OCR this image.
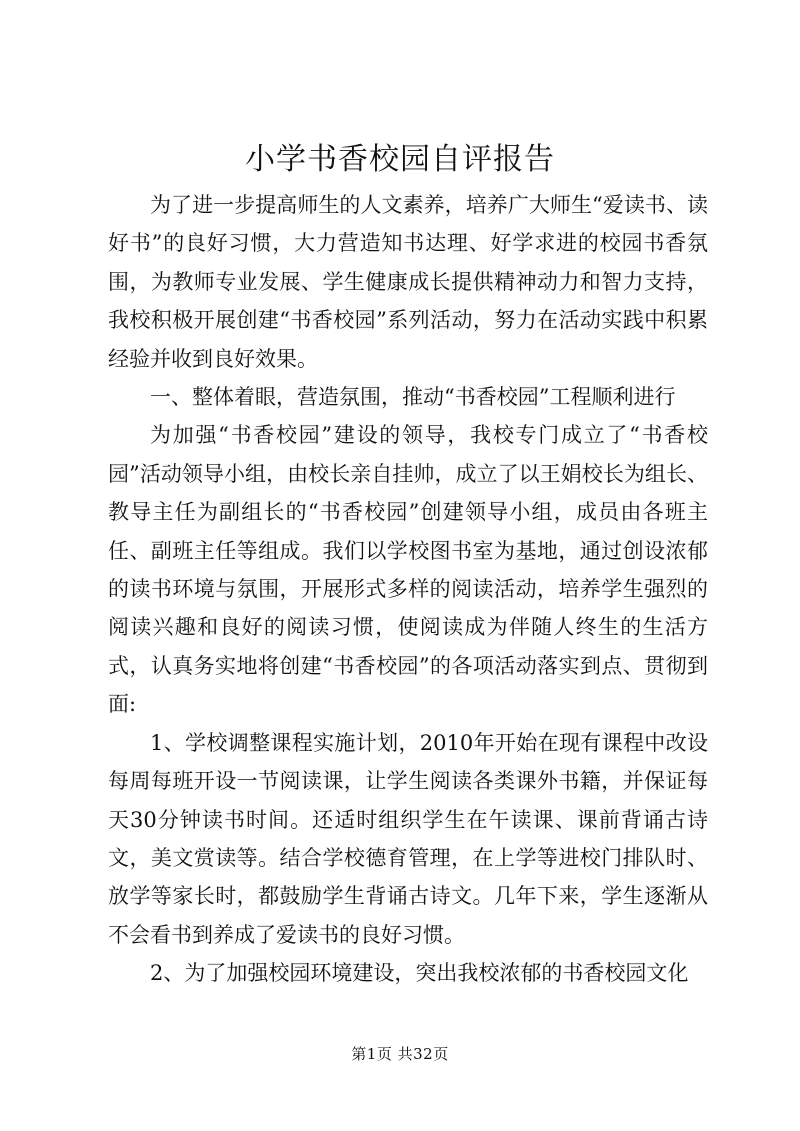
小学书香校园自评报告

为了进一步提高师生的人文素养，培养广大师生“爱读书、读好书”的良好习惯，大力营造知书达理、好学求进的校园书香氛围，为教师专业发展、学生健康成长提供精神动力和智力支持，我校积极开展创建“书香校园”系列活动，努力在活动实践中积累经验并收到良好效果。

一、整体着眼，营造氛围，推动“书香校园”工程顺利进行

为加强“书香校园”建设的领导，我校专门成立了“书香校园”活动领导小组，由校长亲自挂帅，成立了以王娟校长为组长、教导主任为副组长的“书香校园”创建领导小组，成员由各班主任、副班主任等组成。我们以学校图书室为基地，通过创设浓郁的读书环境与氛围，开展形式多样的阅读活动，培养学生强烈的阅读兴趣和良好的阅读习惯，使阅读成为伴随人终生的生活方式，认真务实地将创建“书香校园”的各项活动落实到点、贯彻到面:

1、学校调整课程实施计划，2010年开始在现有课程中改设每周每班开设一节阅读课，让学生阅读各类课外书籍，并保证每天30分钟读书时间。还适时组织学生在午读课、课前背诵古诗文，美文赏读等。结合学校德育管理，在上学等进校门排队时、放学等家长时，都鼓励学生背诵古诗文。几年下来，学生逐渐从不会看书到养成了爱读书的良好习惯。

2、为了加强校园环境建设，突出我校浓郁的书香校园文化

第1页 共32页
